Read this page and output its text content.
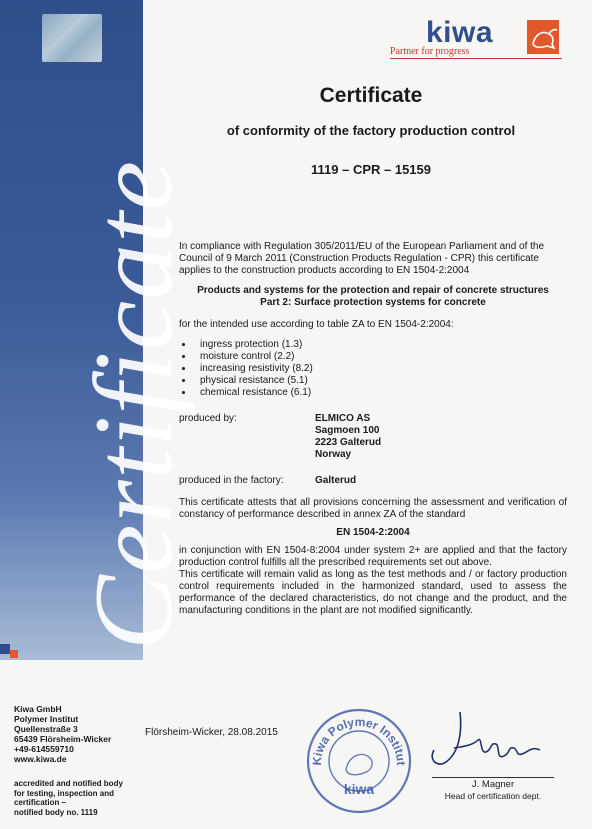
Certificate
kiwa
Partner for progress
Certificate
of conformity of the factory production control
1119 – CPR – 15159

In compliance with Regulation 305/2011/EU of the European Parliament and of the Council of 9 March 2011 (Construction Products Regulation - CPR) this certificate applies to the construction products according to EN 1504-2:2004

Products and systems for the protection and repair of concrete structures
Part 2: Surface protection systems for concrete

for the intended use according to table ZA to EN 1504-2:2004:

• ingress protection (1.3)
• moisture control (2.2)
• increasing resistivity (8.2)
• physical resistance (5.1)
• chemical resistance (6.1)
produced by:	ELMICO AS
Sagmoen 100
2223 Galterud
Norway
produced in the factory:	Galterud

This certificate attests that all provisions concerning the assessment and verification of constancy of performance described in annex ZA of the standard

EN 1504-2:2004

in conjunction with EN 1504-8:2004 under system 2+ are applied and that the factory production control fulfills all the prescribed requirements set out above.

This certificate will remain valid as long as the test methods and / or factory production control requirements included in the harmonized standard, used to assess the performance of the declared characteristics, do not change and the product, and the manufacturing conditions in the plant are not modified significantly.

Kiwa GmbH
Polymer Institut
Quellenstraße 3
65439 Flörsheim-Wicker
+49-614559710
www.kiwa.de
accredited and notified body
for testing, inspection and
certification –
notified body no. 1119
Flörsheim-Wicker, 28.08.2015
Kiwa Polymer Institut
kiwa	J. Magner
Head of certification dept.
